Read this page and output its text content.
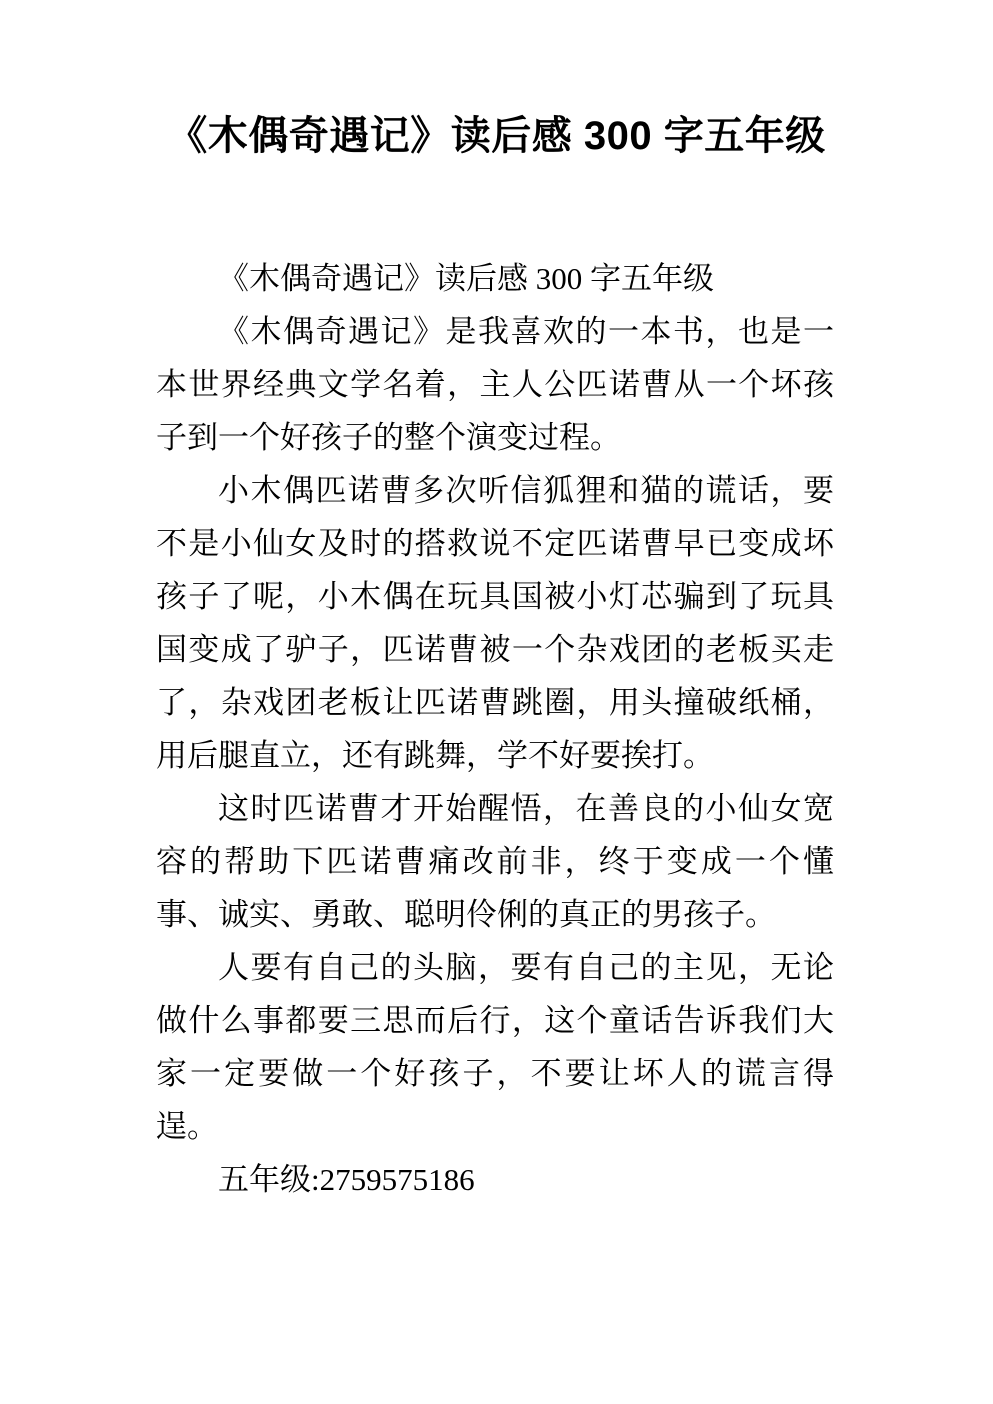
《木偶奇遇记》读后感 300 字五年级

《木偶奇遇记》读后感 300 字五年级

《木偶奇遇记》是我喜欢的一本书，也是一本世界经典文学名着，主人公匹诺曹从一个坏孩子到一个好孩子的整个演变过程。

小木偶匹诺曹多次听信狐狸和猫的谎话，要不是小仙女及时的搭救说不定匹诺曹早已变成坏孩子了呢，小木偶在玩具国被小灯芯骗到了玩具国变成了驴子，匹诺曹被一个杂戏团的老板买走了，杂戏团老板让匹诺曹跳圈，用头撞破纸桶，用后腿直立，还有跳舞，学不好要挨打。

这时匹诺曹才开始醒悟，在善良的小仙女宽容的帮助下匹诺曹痛改前非，终于变成一个懂事、诚实、勇敢、聪明伶俐的真正的男孩子。

人要有自己的头脑，要有自己的主见，无论做什么事都要三思而后行，这个童话告诉我们大家一定要做一个好孩子，不要让坏人的谎言得逞。

五年级:2759575186
